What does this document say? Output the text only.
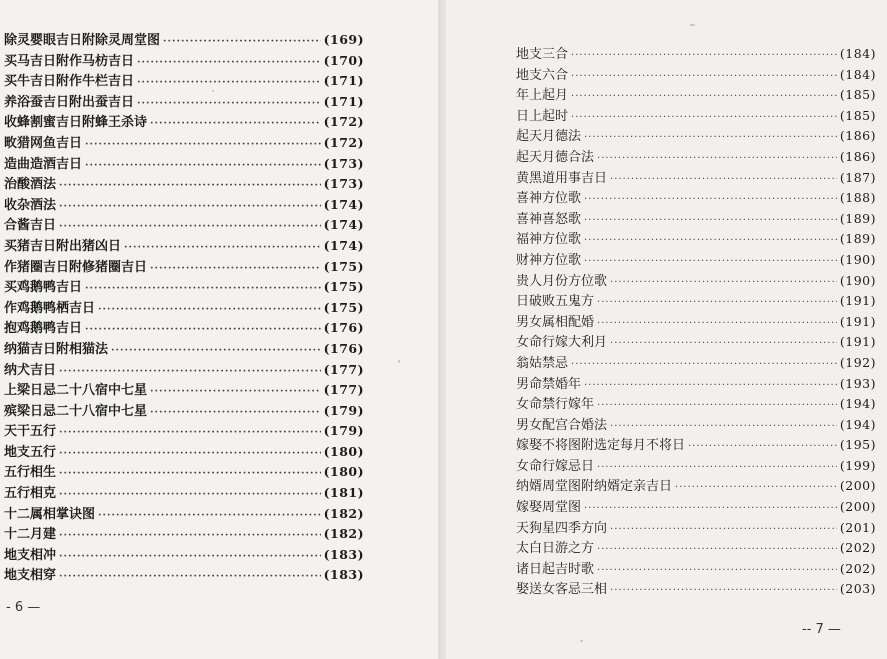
除灵婴眼吉日附除灵周堂图 ·····	(169)
买马吉日附作马枋吉日 ·····	(170)
买牛吉日附作牛栏吉日 ·····	(171)
养浴蚕吉日附出蚕吉日 ·····	(171)
收蜂割蜜吉日附蜂王杀诗 ·····	(172)
畋猎网鱼吉日 ·····	(172)
造曲造酒吉日 ·····	(173)
治酸酒法 ·····	(173)
收杂酒法 ·····	(174)
合酱吉日 ·····	(174)
买猪吉日附出猪凶日 ·····	(174)
作猪圈吉日附修猪圈吉日 ·····	(175)
买鸡鹅鸭吉日 ·····	(175)
作鸡鹅鸭栖吉日 ·····	(175)
抱鸡鹅鸭吉日 ·····	(176)
纳猫吉日附相猫法 ·····	(176)
纳犬吉日 ·····	(177)
上梁日忌二十八宿中七星 ·····	(177)
殡梁日忌二十八宿中七星 ·····	(179)
天干五行 ·····	(179)
地支五行 ·····	(180)
五行相生 ·····	(180)
五行相克 ·····	(181)
十二属相掌诀图 ·····	(182)
十二月建 ·····	(182)
地支相冲 ·····	(183)
地支相穿 ·····	(183)
- 6 —
地支三合 ·····	(184)
地支六合 ·····	(184)
年上起月 ·····	(185)
日上起时 ·····	(185)
起天月德法 ·····	(186)
起天月德合法 ·····	(186)
黄黑道用事吉日 ·····	(187)
喜神方位歌 ·····	(188)
喜神喜怒歌 ·····	(189)
福神方位歌 ·····	(189)
财神方位歌 ·····	(190)
贵人月份方位歌 ·····	(190)
日破败五鬼方 ·····	(191)
男女属相配婚 ·····	(191)
女命行嫁大利月 ·····	(191)
翁姑禁忌 ·····	(192)
男命禁婚年 ·····	(193)
女命禁行嫁年 ·····	(194)
男女配宫合婚法 ·····	(194)
嫁娶不将图附选定每月不将日 ·····	(195)
女命行嫁忌日 ·····	(199)
纳婿周堂图附纳婿定亲吉日 ·····	(200)
嫁娶周堂图 ·····	(200)
天狗星四季方向 ·····	(201)
太白日游之方 ·····	(202)
诸日起吉时歌 ·····	(202)
娶送女客忌三相 ·····	(203)
-- 7 —
